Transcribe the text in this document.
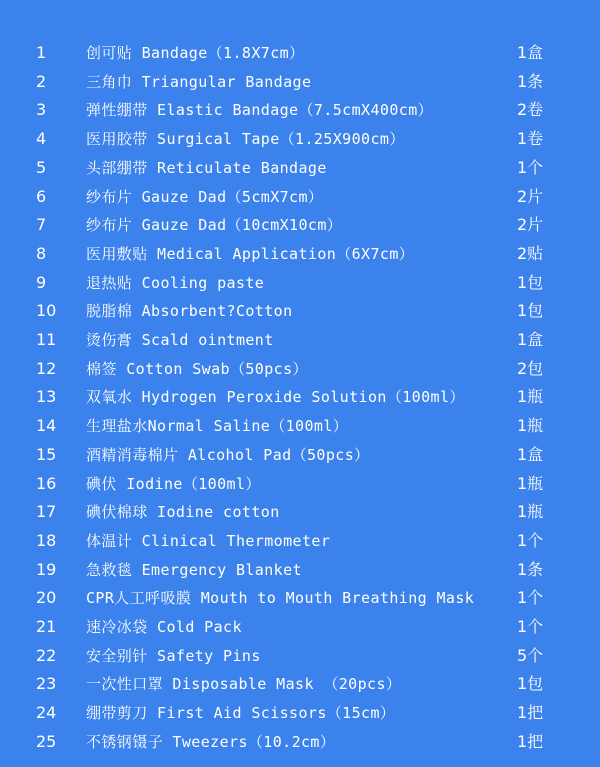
1	创可贴 Bandage（1.8X7cm）	1盒
2	三角巾 Triangular Bandage	1条
3	弹性绷带 Elastic Bandage（7.5cmX400cm）	2卷
4	医用胶带 Surgical Tape（1.25X900cm）	1卷
5	头部绷带 Reticulate Bandage	1个
6	纱布片 Gauze Dad（5cmX7cm）	2片
7	纱布片 Gauze Dad（10cmX10cm）	2片
8	医用敷贴 Medical Application（6X7cm）	2贴
9	退热贴 Cooling paste	1包
10	脱脂棉 Absorbent?Cotton	1包
11	烫伤膏 Scald ointment	1盒
12	棉签 Cotton Swab（50pcs）	2包
13	双氧水 Hydrogen Peroxide Solution（100ml）	1瓶
14	生理盐水Normal Saline（100ml）	1瓶
15	酒精消毒棉片 Alcohol Pad（50pcs）	1盒
16	碘伏 Iodine（100ml）	1瓶
17	碘伏棉球 Iodine cotton	1瓶
18	体温计 Clinical Thermometer	1个
19	急救毯 Emergency Blanket	1条
20	CPR人工呼吸膜 Mouth to Mouth Breathing Mask	1个
21	速冷冰袋 Cold Pack	1个
22	安全别针 Safety Pins	5个
23	一次性口罩 Disposable Mask （20pcs）	1包
24	绷带剪刀 First Aid Scissors（15cm）	1把
25	不锈钢镊子 Tweezers（10.2cm）	1把
